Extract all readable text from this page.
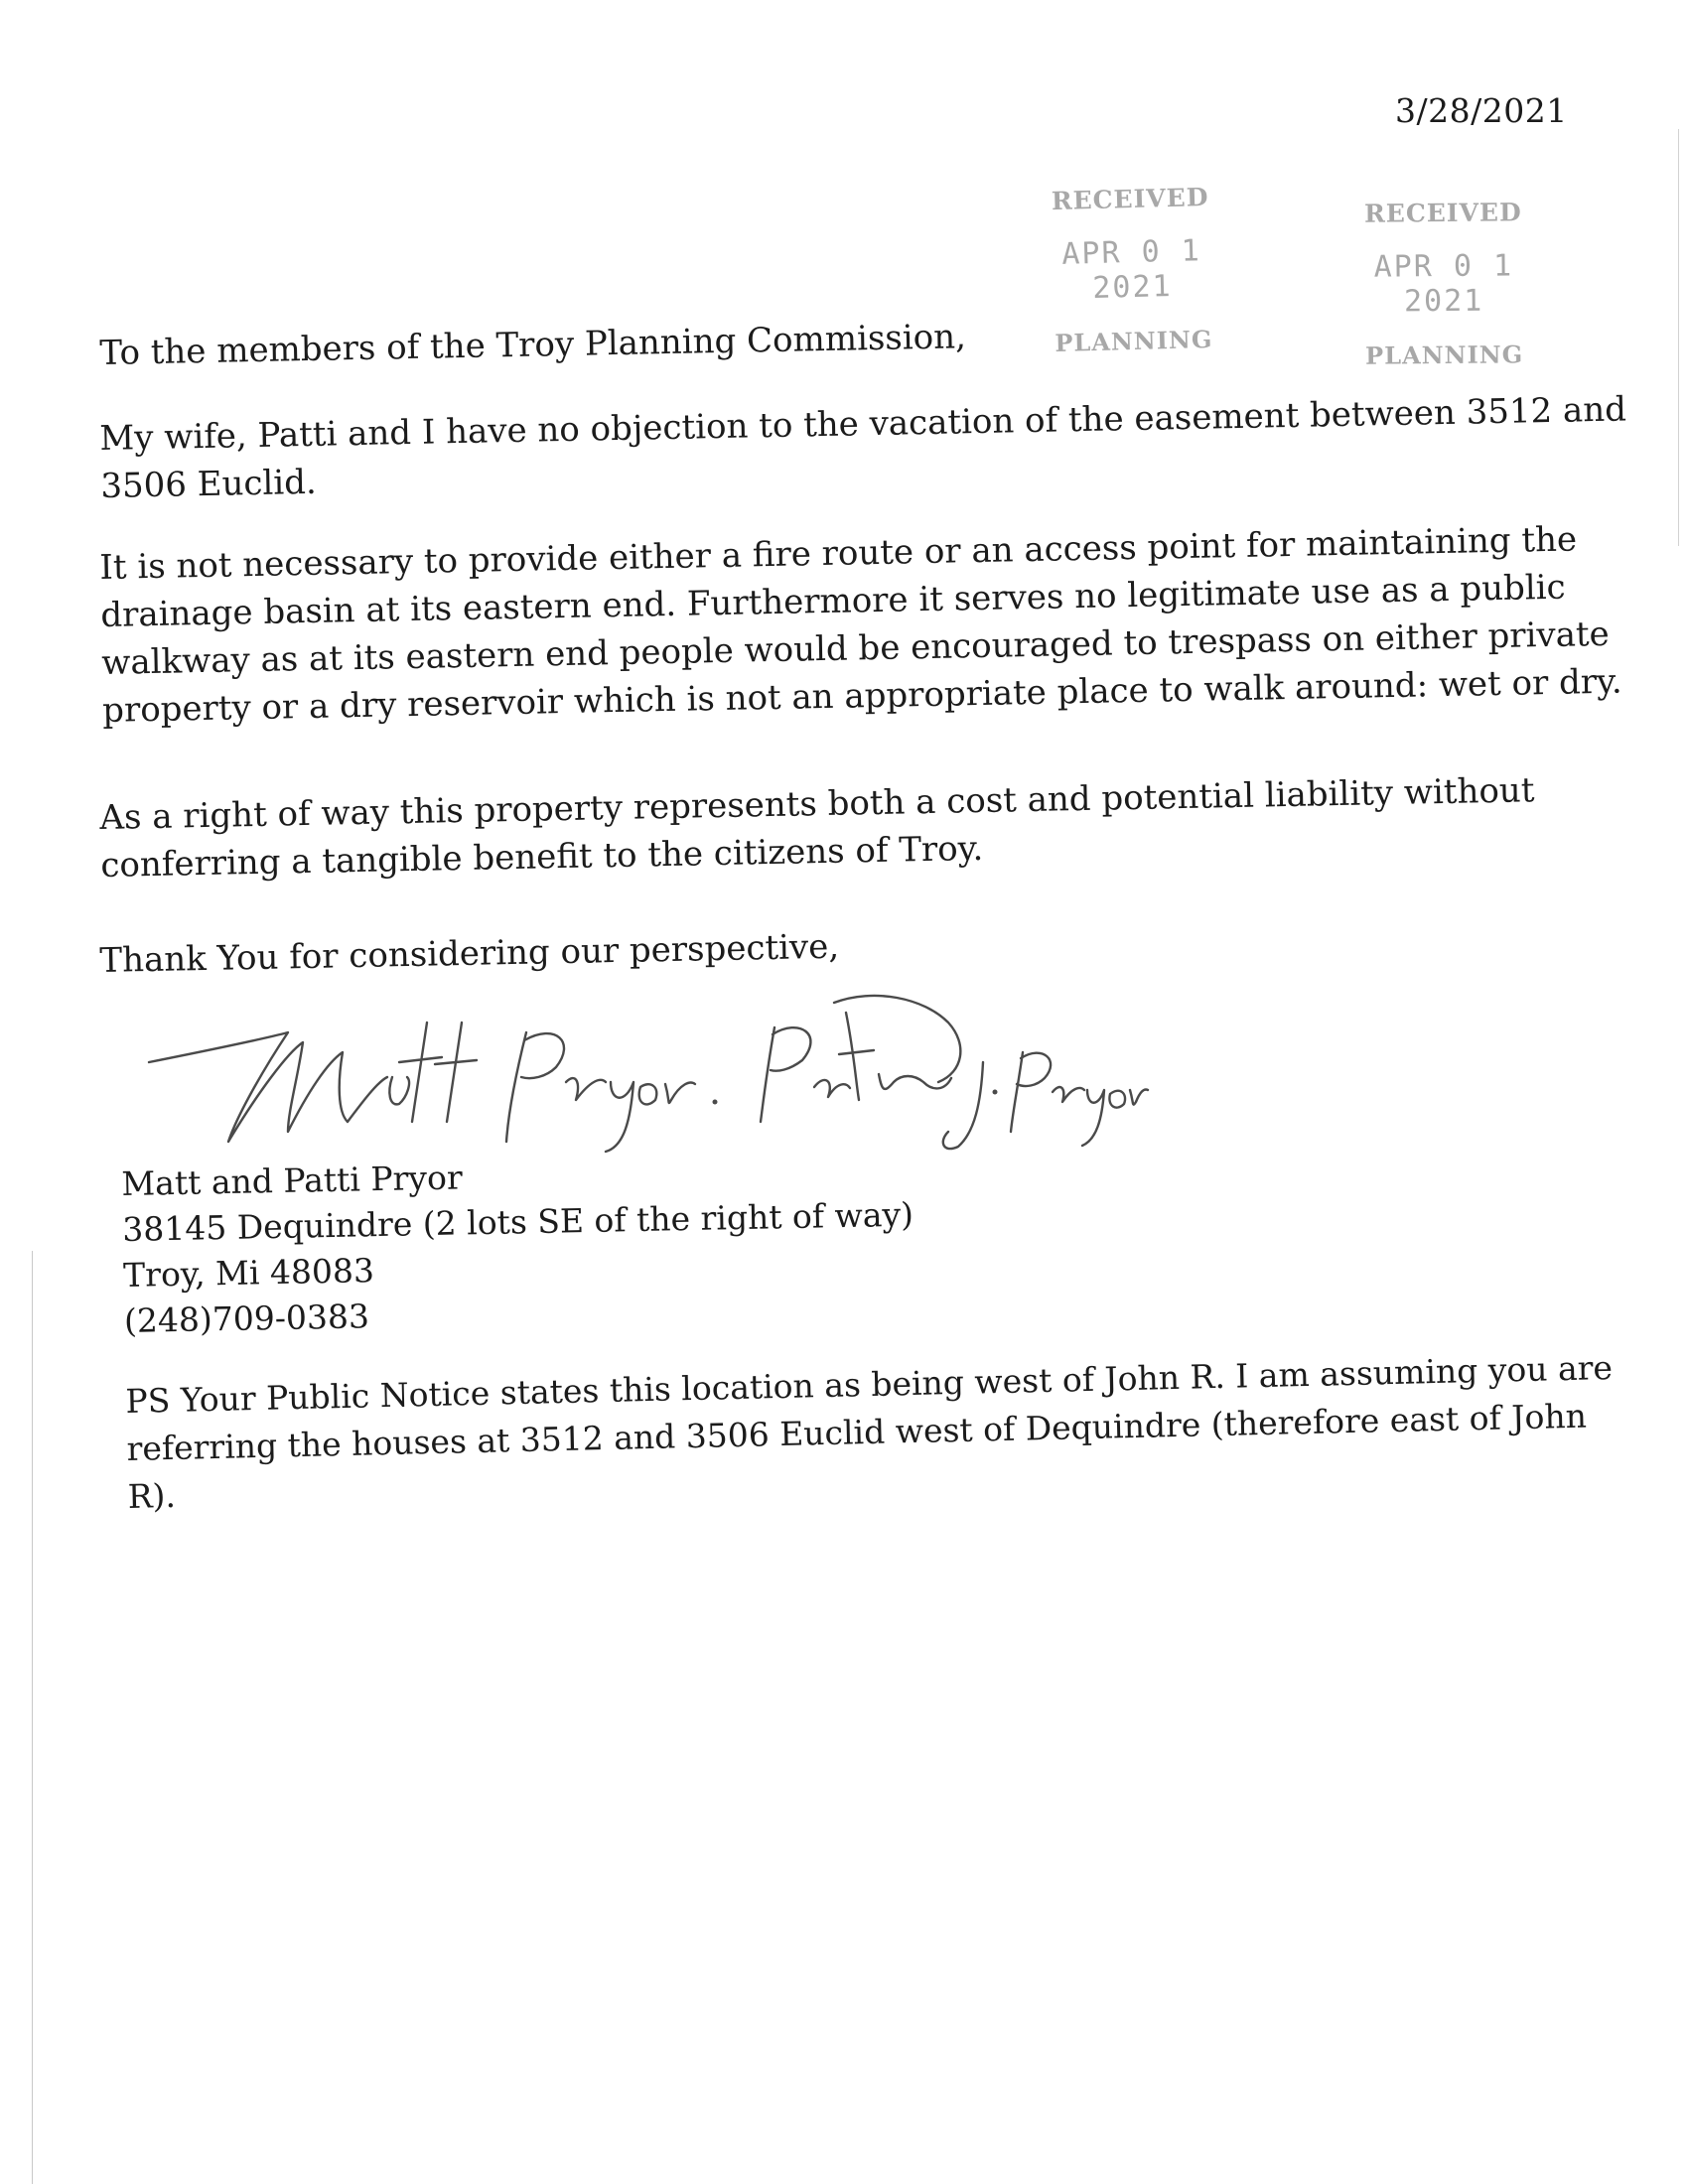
3/28/2021
RECEIVED
APR 0 1 2021
PLANNING
RECEIVED
APR 0 1 2021
PLANNING

To the members of the Troy Planning Commission,

My wife, Patti and I have no objection to the vacation of the easement between 3512 and 3506 Euclid.

It is not necessary to provide either a fire route or an access point for maintaining the drainage basin at its eastern end. Furthermore it serves no legitimate use as a public walkway as at its eastern end people would be encouraged to trespass on either private property or a dry reservoir which is not an appropriate place to walk around: wet or dry.

As a right of way this property represents both a cost and potential liability without conferring a tangible benefit to the citizens of Troy.

Thank You for considering our perspective,

Matt and Patti Pryor
38145 Dequindre (2 lots SE of the right of way)
Troy, Mi 48083
(248)709-0383

PS Your Public Notice states this location as being west of John R. I am assuming you are referring the houses at 3512 and 3506 Euclid west of Dequindre (therefore east of John R).
